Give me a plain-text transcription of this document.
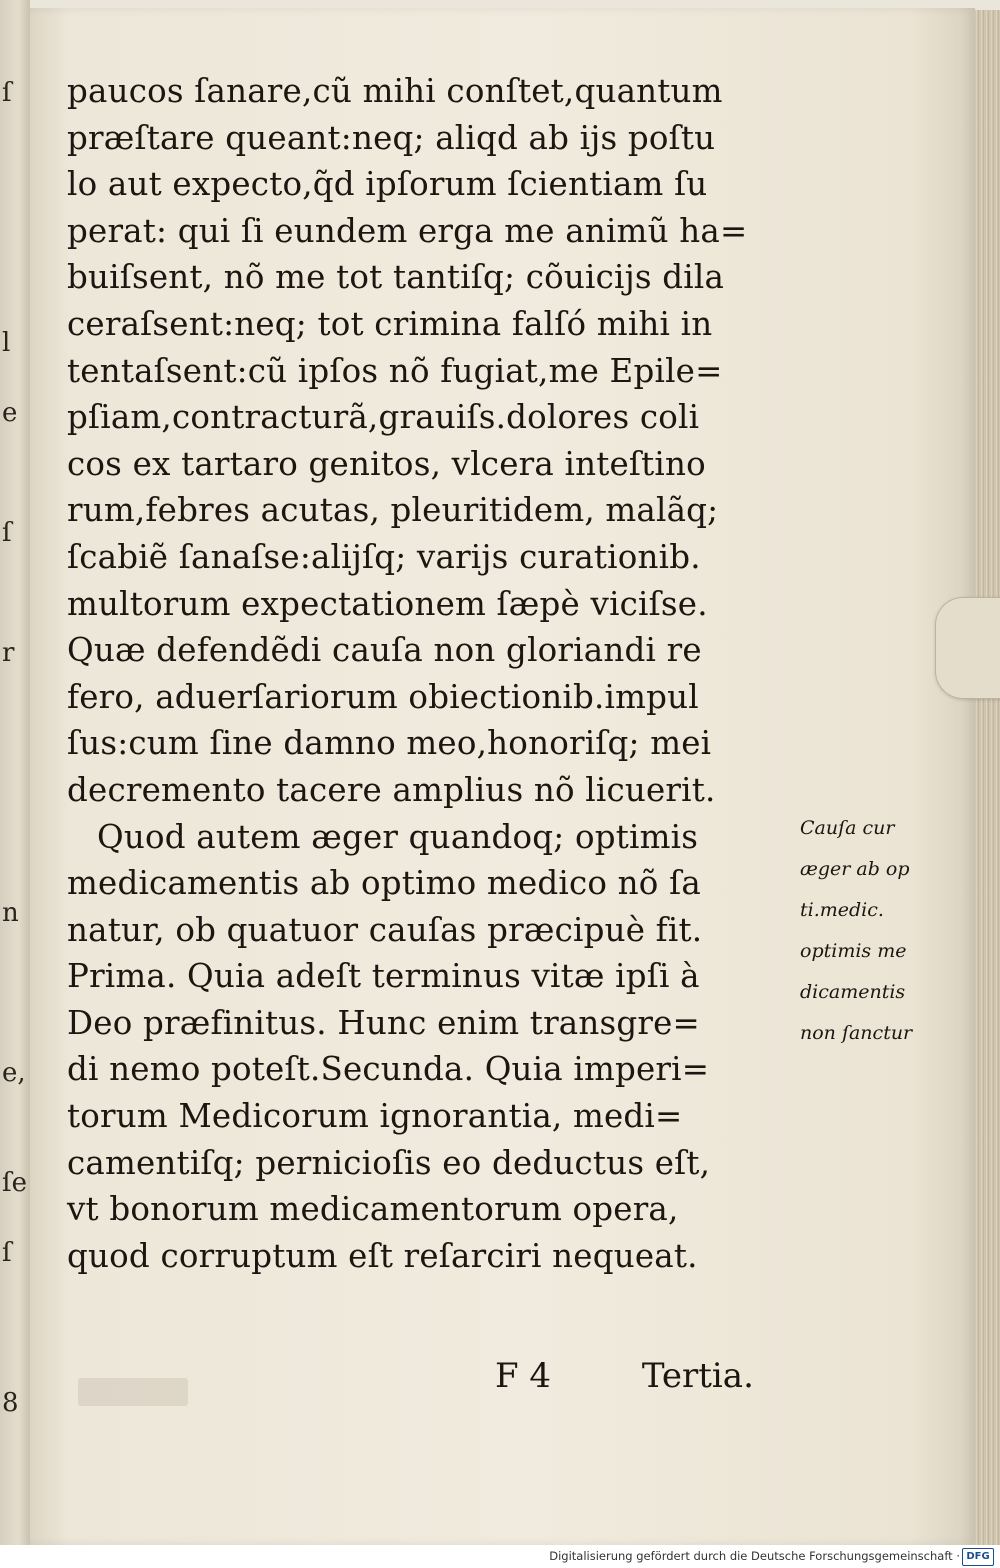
ſ
l
e
ſ
r
n
e,
ſe
ſ
8
paucos ſanare,cũ mihi conſtet,quantum
præſtare queant:neq; aliqd ab ijs poſtu
lo aut expecto,q̃d ipſorum ſcientiam ſu
perat: qui ſi eundem erga me animũ ha=
buiſsent, nõ me tot tantiſq; cõuicijs dila
ceraſsent:neq; tot crimina falſó mihi in
tentaſsent:cũ ipſos nõ fugiat,me Epile=
pſiam,contracturã,grauiſs.dolores coli
cos ex tartaro genitos, vlcera inteſtino
rum,febres acutas, pleuritidem, malãq;
ſcabiẽ ſanaſse:alijſq; varijs curationib.
multorum expectationem ſæpè viciſse.
Quæ defendẽdi cauſa non gloriandi re
fero, aduerſariorum obiectionib.impul
ſus:cum ſine damno meo,honoriſq; mei
decremento tacere amplius nõ licuerit.
Quod autem æger quandoq; optimis
medicamentis ab optimo medico nõ ſa
natur, ob quatuor cauſas præcipuè fit.
Prima. Quia adeſt terminus vitæ ipſi à
Deo præfinitus. Hunc enim transgre=
di nemo poteſt.Secunda. Quia imperi=
torum Medicorum ignorantia, medi=
camentiſq; pernicioſis eo deductus eſt,
vt bonorum medicamentorum opera,
quod corruptum eſt reſarciri nequeat.
F 4	Tertia.
Cauſa cur
æger ab op
ti.medic.
optimis me
dicamentis
non ſanctur
Digitalisierung gefördert durch die Deutsche Forschungsgemeinschaft · DFG
